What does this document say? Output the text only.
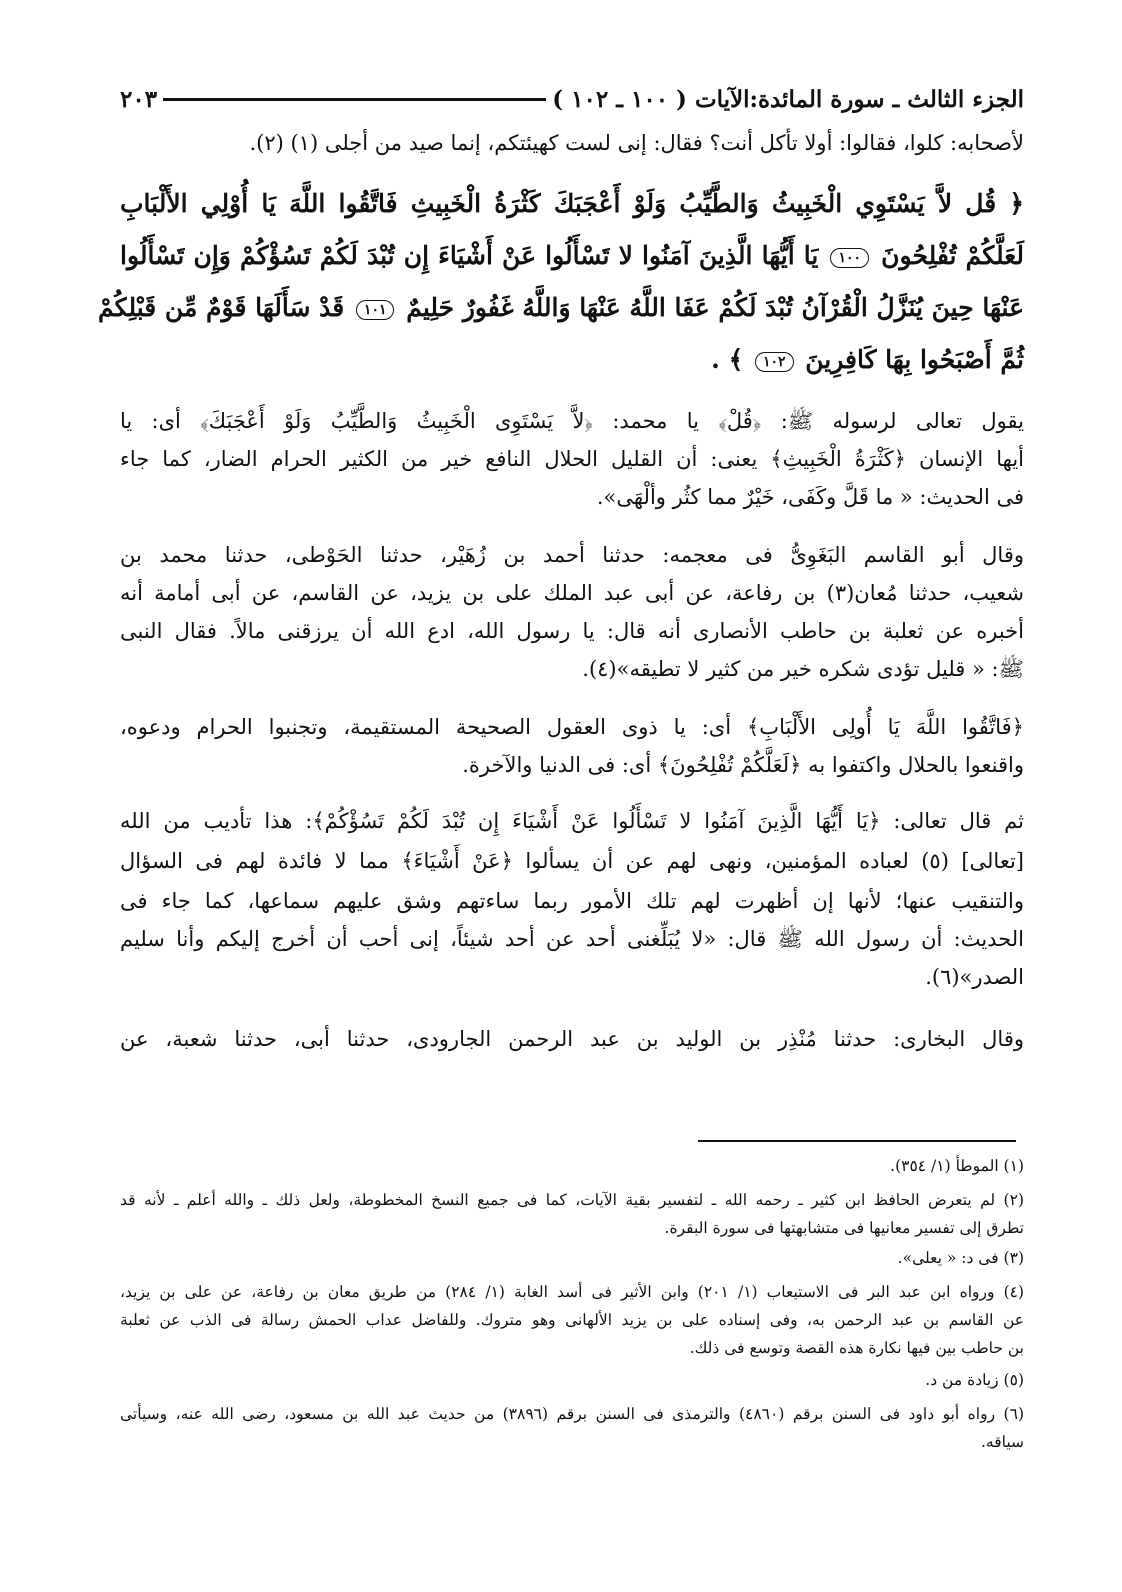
الجزء الثالث ـ سورة المائدة:الآيات ( ١٠٠ ـ ١٠٢ )
٢٠٣
لأصحابه: كلوا، فقالوا: أولا تأكل أنت؟ فقال: إنى لست كهيئتكم، إنما صيد من أجلى (١) (٢).
﴿ قُل لاَّ يَسْتَوِي الْخَبِيثُ وَالطَّيِّبُ وَلَوْ أَعْجَبَكَ كَثْرَةُ الْخَبِيثِ فَاتَّقُوا اللَّهَ يَا أُوْلِي الأَلْبَابِ
لَعَلَّكُمْ تُفْلِحُونَ ١٠٠ يَا أَيُّهَا الَّذِينَ آمَنُوا لا تَسْأَلُوا عَنْ أَشْيَاءَ إِن تُبْدَ لَكُمْ تَسُؤْكُمْ وَإِن تَسْأَلُوا
عَنْهَا حِينَ يُنَزَّلُ الْقُرْآنُ تُبْدَ لَكُمْ عَفَا اللَّهُ عَنْهَا وَاللَّهُ غَفُورٌ حَلِيمٌ ١٠١ قَدْ سَأَلَهَا قَوْمٌ مِّن قَبْلِكُمْ
ثُمَّ أَصْبَحُوا بِهَا كَافِرِينَ ١٠٢ ﴾ .
يقول تعالى لرسوله ﷺ: ﴿قُلْ﴾ يا محمد: ﴿لاَّ يَسْتَوِى الْخَبِيثُ وَالطَّيِّبُ وَلَوْ أَعْجَبَكَ﴾ أى: يا
أيها الإنسان ﴿كَثْرَةُ الْخَبِيثِ﴾ يعنى: أن القليل الحلال النافع خير من الكثير الحرام الضار، كما جاء
فى الحديث: « ما قَلَّ وكَفَى، خَيْرٌ مما كثُر وألْهَى».
وقال أبو القاسم البَغَوِىُّ فى معجمه: حدثنا أحمد بن زُهَيْر، حدثنا الحَوْطى، حدثنا محمد بن
شعيب، حدثنا مُعان(٣) بن رفاعة، عن أبى عبد الملك على بن يزيد، عن القاسم، عن أبى أمامة أنه
أخبره عن ثعلبة بن حاطب الأنصارى أنه قال: يا رسول الله، ادع الله أن يرزقنى مالاً. فقال النبى
ﷺ: « قليل تؤدى شكره خير من كثير لا تطيقه»(٤).
﴿فَاتَّقُوا اللَّهَ يَا أُولِى الأَلْبَابِ﴾ أى: يا ذوى العقول الصحيحة المستقيمة، وتجنبوا الحرام ودعوه،
واقنعوا بالحلال واكتفوا به ﴿لَعَلَّكُمْ تُفْلِحُونَ﴾ أى: فى الدنيا والآخرة.
ثم قال تعالى: ﴿يَا أَيُّهَا الَّذِينَ آمَنُوا لا تَسْأَلُوا عَنْ أَشْيَاءَ إِن تُبْدَ لَكُمْ تَسُؤْكُمْ﴾: هذا تأديب من الله
[تعالى] (٥) لعباده المؤمنين، ونهى لهم عن أن يسألوا ﴿عَنْ أَشْيَاءَ﴾ مما لا فائدة لهم فى السؤال
والتنقيب عنها؛ لأنها إن أظهرت لهم تلك الأمور ربما ساءتهم وشق عليهم سماعها، كما جاء فى
الحديث: أن رسول الله ﷺ قال: «لا يُبَلِّغنى أحد عن أحد شيئاً، إنى أحب أن أخرج إليكم وأنا سليم
الصدر»(٦).
وقال البخارى: حدثنا مُنْذِر بن الوليد بن عبد الرحمن الجارودى، حدثنا أبى، حدثنا شعبة، عن
(١) الموطأ (١/ ٣٥٤).
(٢) لم يتعرض الحافظ ابن كثير ـ رحمه الله ـ لتفسير بقية الآيات، كما فى جميع النسخ المخطوطة، ولعل ذلك ـ والله أعلم ـ لأنه قد
تطرق إلى تفسير معانيها فى متشابهتها فى سورة البقرة.
(٣) فى د: « يعلى».
(٤) ورواه ابن عبد البر فى الاستيعاب (١/ ٢٠١) وابن الأثير فى أسد الغابة (١/ ٢٨٤) من طريق معان بن رفاعة، عن على بن يزيد،
عن القاسم بن عبد الرحمن به، وفى إسناده على بن يزيد الألهانى وهو متروك. وللفاضل عداب الحمش رسالة فى الذب عن ثعلبة
بن حاطب بين فيها نكارة هذه القصة وتوسع فى ذلك.
(٥) زيادة من د.
(٦) رواه أبو داود فى السنن برقم (٤٨٦٠) والترمذى فى السنن برقم (٣٨٩٦) من حديث عبد الله بن مسعود، رضى الله عنه، وسيأتى
سياقه.
